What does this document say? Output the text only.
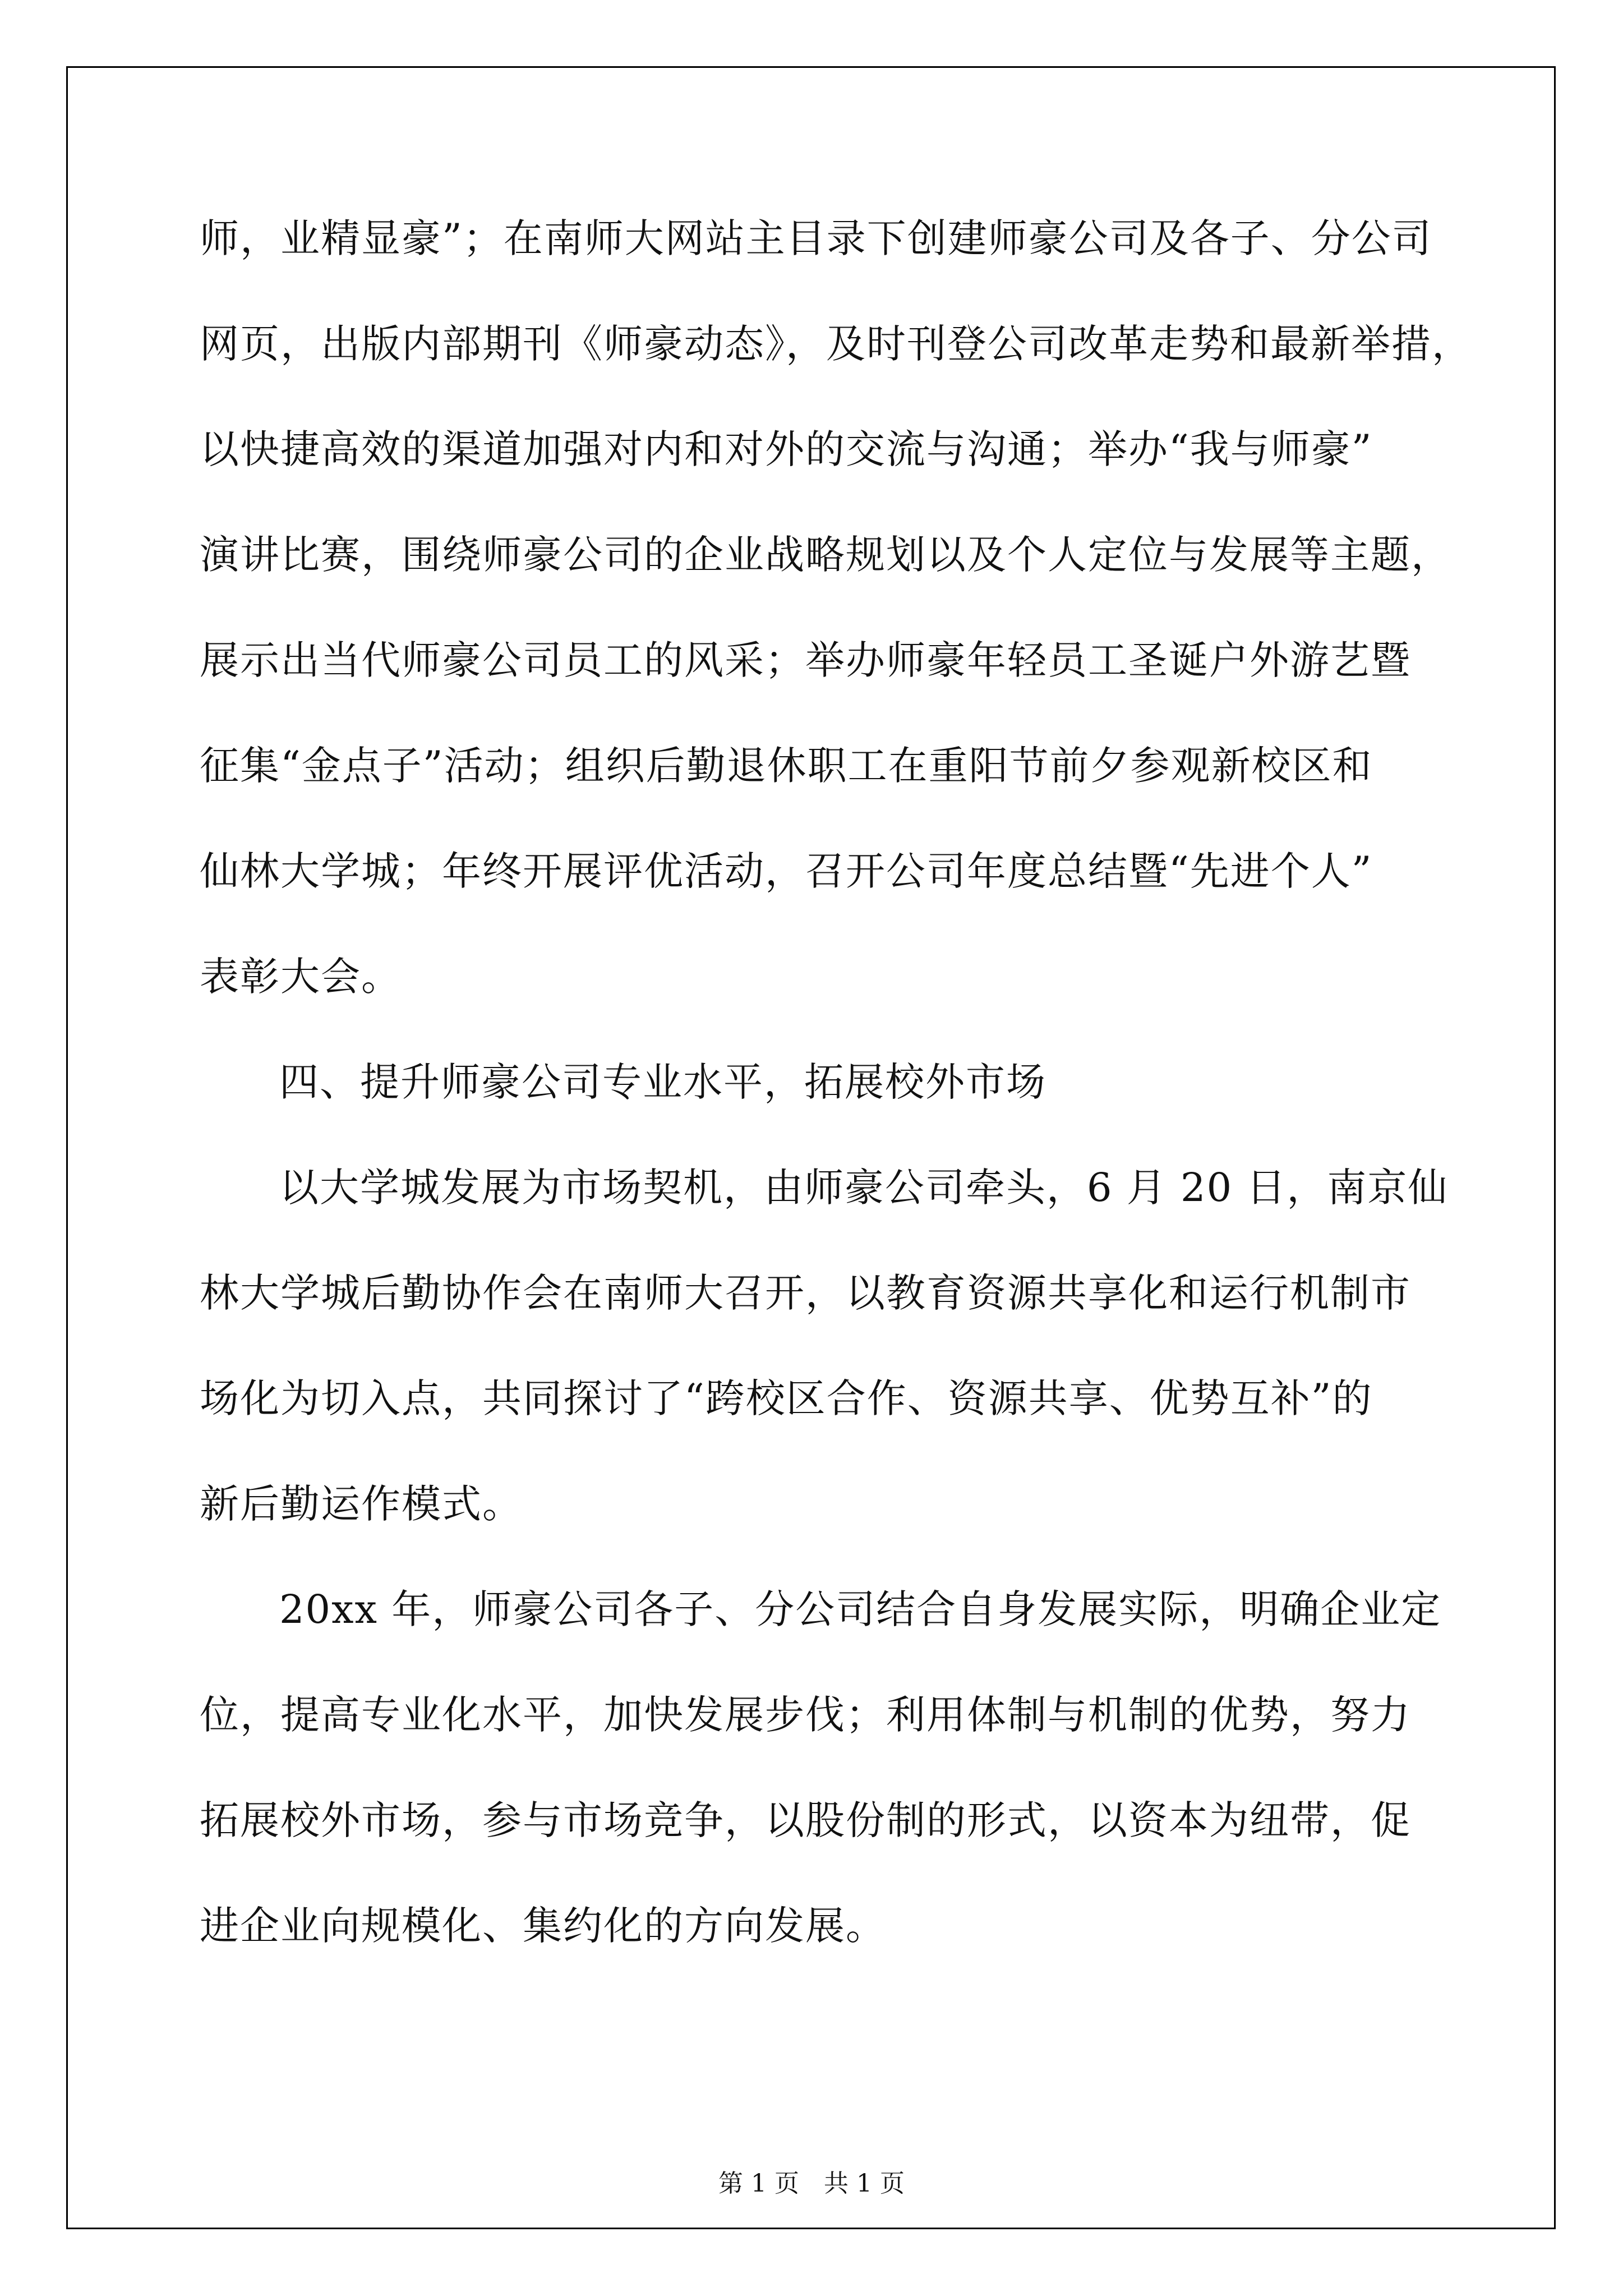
师，业精显豪”；在南师大网站主目录下创建师豪公司及各子、分公司

网页，出版内部期刊《师豪动态》，及时刊登公司改革走势和最新举措，

以快捷高效的渠道加强对内和对外的交流与沟通；举办“我与师豪”

演讲比赛，围绕师豪公司的企业战略规划以及个人定位与发展等主题，

展示出当代师豪公司员工的风采；举办师豪年轻员工圣诞户外游艺暨

征集“金点子”活动；组织后勤退休职工在重阳节前夕参观新校区和

仙林大学城；年终开展评优活动，召开公司年度总结暨“先进个人”

表彰大会。

四、提升师豪公司专业水平，拓展校外市场

以大学城发展为市场契机，由师豪公司牵头，6 月 20 日，南京仙

林大学城后勤协作会在南师大召开，以教育资源共享化和运行机制市

场化为切入点，共同探讨了“跨校区合作、资源共享、优势互补”的

新后勤运作模式。

20xx 年，师豪公司各子、分公司结合自身发展实际，明确企业定

位，提高专业化水平，加快发展步伐；利用体制与机制的优势，努力

拓展校外市场，参与市场竞争，以股份制的形式，以资本为纽带，促

进企业向规模化、集约化的方向发展。

第 1 页　共 1 页
